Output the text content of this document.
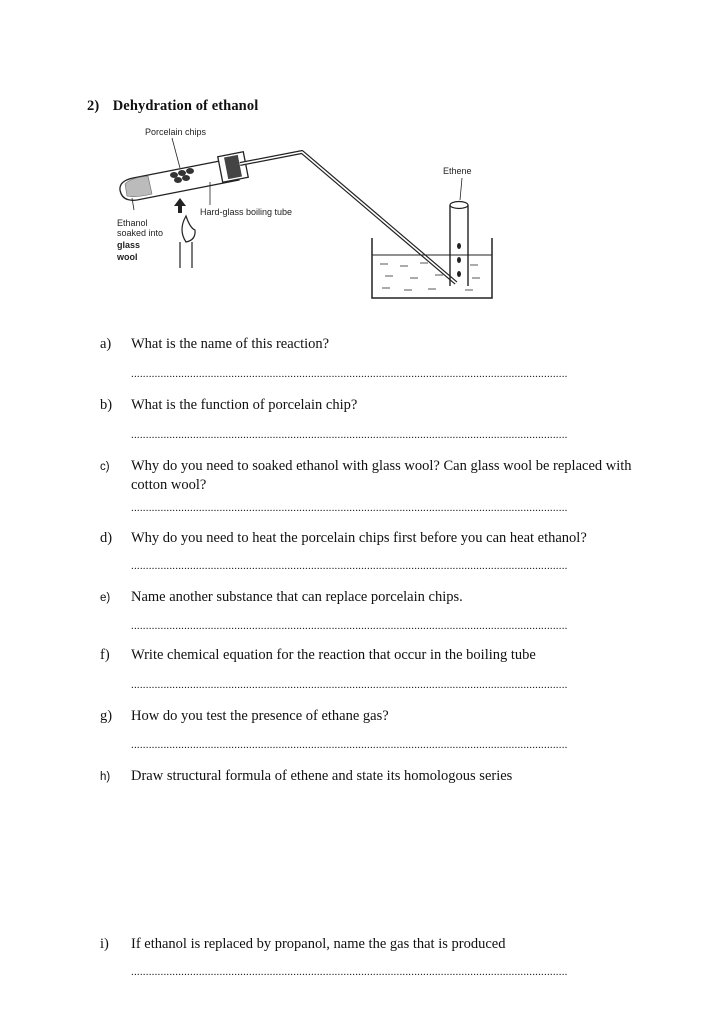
2) Dehydration of ethanol
Porcelain chips
Hard-glass boiling tube
Ethanol
soaked into
glass
wool
Ethene
a) What is the name of this reaction?
....................................................................................................................................................
b) What is the function of porcelain chip?
....................................................................................................................................................
c) Why do you need to soaked ethanol with glass wool? Can glass wool be replaced with cotton wool?
....................................................................................................................................................
d) Why do you need to heat the porcelain chips first before you can heat ethanol?
....................................................................................................................................................
e) Name another substance that can replace porcelain chips.
....................................................................................................................................................
f) Write chemical equation for the reaction that occur in the boiling tube
....................................................................................................................................................
g) How do you test the presence of ethane gas?
....................................................................................................................................................
h) Draw structural formula of ethene and state its homologous series
i) If ethanol is replaced by propanol, name the gas that is produced
....................................................................................................................................................
